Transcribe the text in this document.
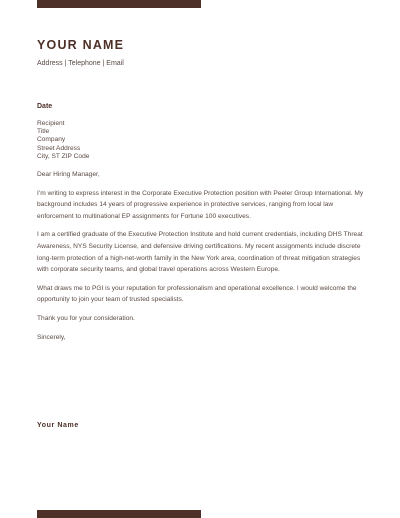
YOUR NAME
Address | Telephone | Email
Date
Recipient
Title
Company
Street Address
City, ST ZIP Code

Dear Hiring Manager,

I’m writing to express interest in the Corporate Executive Protection position with Peeler Group International. My background includes 14 years of progressive experience in protective services, ranging from local law enforcement to multinational EP assignments for Fortune 100 executives.

I am a certified graduate of the Executive Protection Institute and hold current credentials, including DHS Threat Awareness, NYS Security License, and defensive driving certifications. My recent assignments include discrete long-term protection of a high-net-worth family in the New York area, coordination of threat mitigation strategies with corporate security teams, and global travel operations across Western Europe.

What draws me to PGI is your reputation for professionalism and operational excellence. I would welcome the opportunity to join your team of trusted specialists.

Thank you for your consideration.

Sincerely,

Your Name
